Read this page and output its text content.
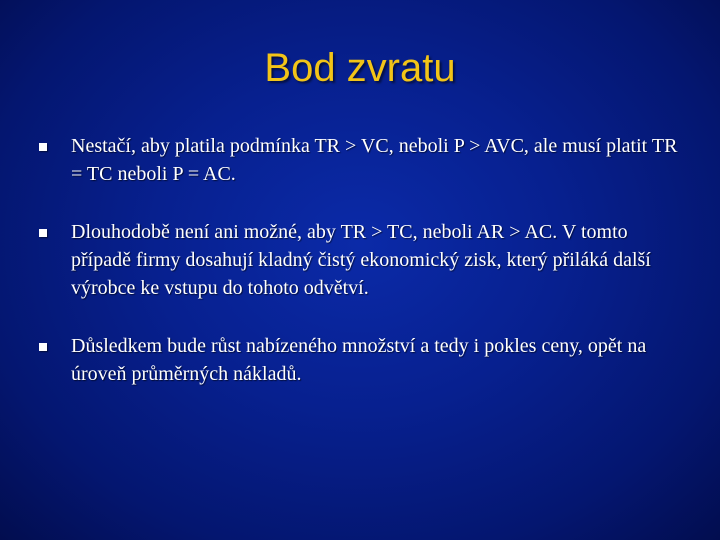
Bod zvratu
Nestačí, aby platila podmínka TR > VC, neboli P > AVC, ale musí platit TR = TC neboli P = AC.
Dlouhodobě není ani možné, aby TR > TC, neboli AR > AC. V tomto případě firmy dosahují kladný čistý ekonomický zisk, který přiláká další výrobce ke vstupu do tohoto odvětví.
Důsledkem bude růst nabízeného množství a tedy i pokles ceny, opět na úroveň průměrných nákladů.
